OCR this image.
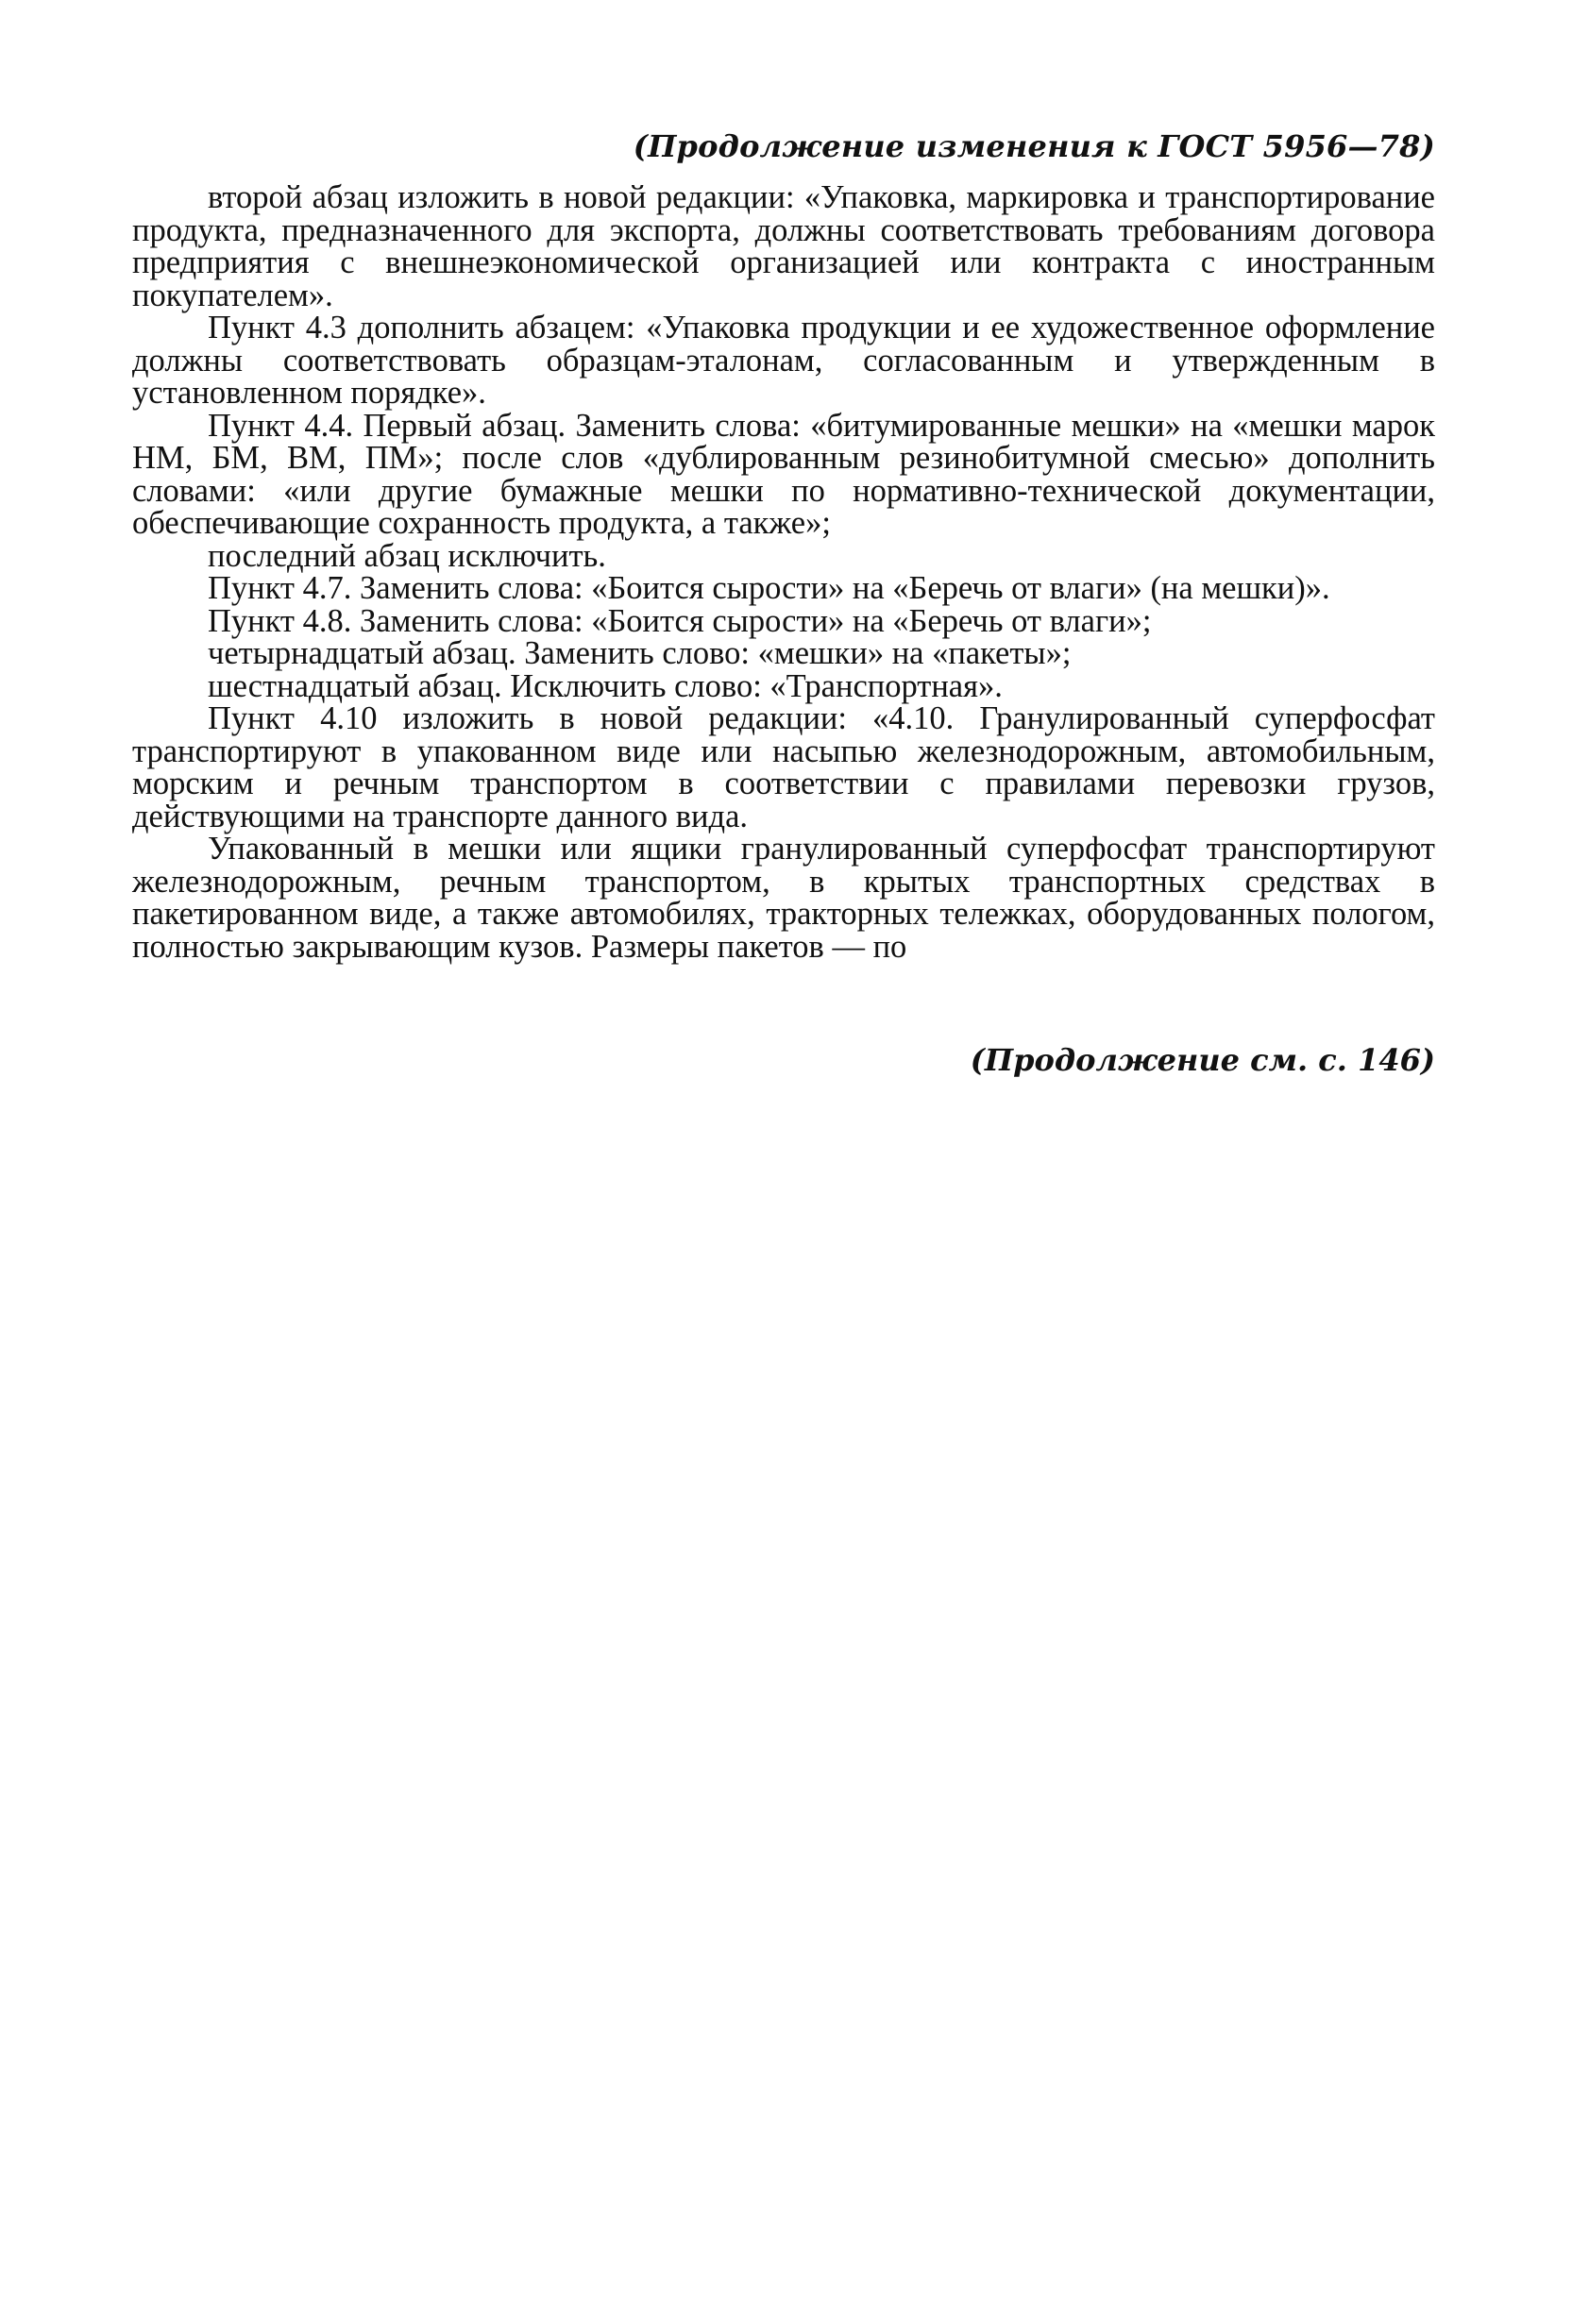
(Продолжение изменения к ГОСТ 5956—78)

второй абзац изложить в новой редакции: «Упаковка, маркировка и транспортирование продукта, предназначенного для экспорта, должны соответствовать требованиям договора предприятия с внешнеэкономической организацией или контракта с иностранным покупателем».

Пункт 4.3 дополнить абзацем: «Упаковка продукции и ее художественное оформление должны соответствовать образцам-эталонам, согласованным и утвержденным в установленном порядке».

Пункт 4.4. Первый абзац. Заменить слова: «битумированные мешки» на «мешки марок НМ, БМ, ВМ, ПМ»; после слов «дублированным резинобитумной смесью» дополнить словами: «или другие бумажные мешки по нормативно-технической документации, обеспечивающие сохранность продукта, а также»;

последний абзац исключить.

Пункт 4.7. Заменить слова: «Боится сырости» на «Беречь от влаги» (на мешки)».

Пункт 4.8. Заменить слова: «Боится сырости» на «Беречь от влаги»;

четырнадцатый абзац. Заменить слово: «мешки» на «пакеты»;

шестнадцатый абзац. Исключить слово: «Транспортная».

Пункт 4.10 изложить в новой редакции: «4.10. Гранулированный суперфосфат транспортируют в упакованном виде или насыпью железнодорожным, автомобильным, морским и речным транспортом в соответствии с правилами перевозки грузов, действующими на транспорте данного вида.

Упакованный в мешки или ящики гранулированный суперфосфат транспортируют железнодорожным, речным транспортом, в крытых транспортных средствах в пакетированном виде, а также автомобилях, тракторных тележках, оборудованных пологом, полностью закрывающим кузов. Размеры пакетов — по

(Продолжение см. с. 146)
